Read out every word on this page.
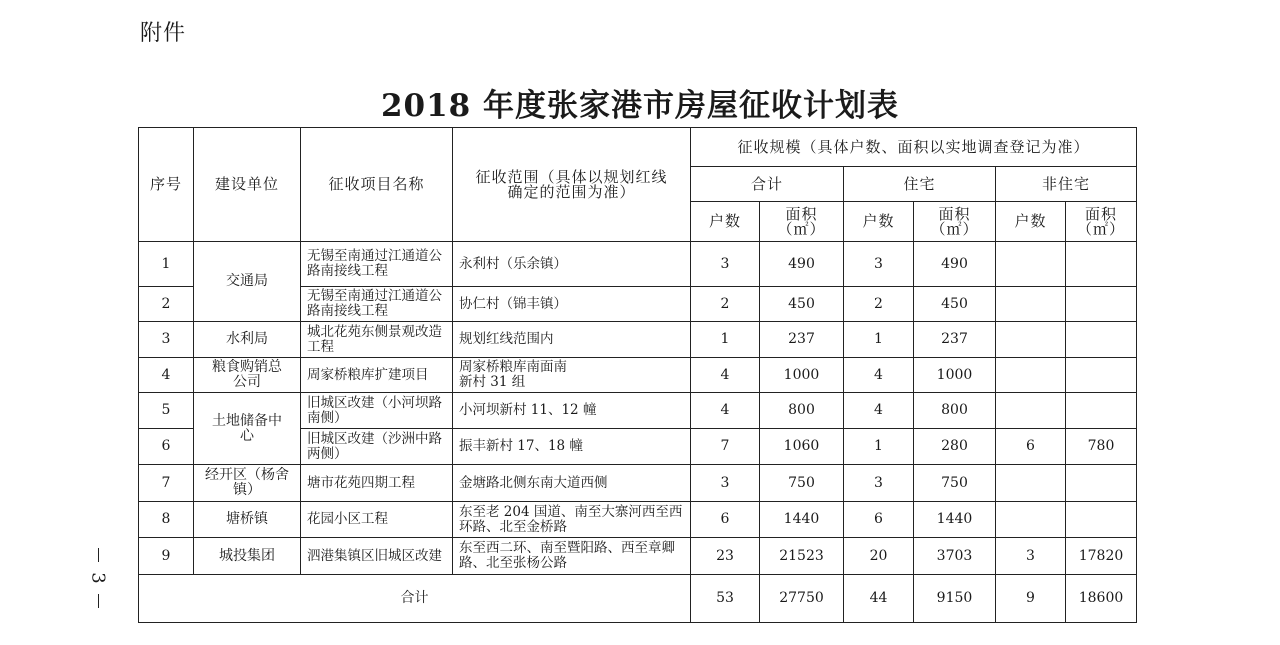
附件
2018 年度张家港市房屋征收计划表
序号	建设单位	征收项目名称	征收范围（具体以规划红线确定的范围为准）	征收规模（具体户数、面积以实地调查登记为准）					
				合计		住宅		非住宅	
				户数	面积（㎡）	户数	面积（㎡）	户数	面积（㎡）
1	交通局	无锡至南通过江通道公路南接线工程	永利村（乐余镇）	3	490	3	490		
2		无锡至南通过江通道公路南接线工程	协仁村（锦丰镇）	2	450	2	450		
3	水利局	城北花苑东侧景观改造工程	规划红线范围内	1	237	1	237		
4	粮食购销总公司	周家桥粮库扩建项目	周家桥粮库南面南新村 31 组	4	1000	4	1000		
5	土地储备中心	旧城区改建（小河坝路南侧）	小河坝新村 11、12 幢	4	800	4	800		
6		旧城区改建（沙洲中路两侧）	振丰新村 17、18 幢	7	1060	1	280	6	780
7	经开区（杨舍镇）	塘市花苑四期工程	金塘路北侧东南大道西侧	3	750	3	750		
8	塘桥镇	花园小区工程	东至老 204 国道、南至大寨河西至西环路、北至金桥路	6	1440	6	1440		
9	城投集团	泗港集镇区旧城区改建	东至西二环、南至暨阳路、西至章卿路、北至张杨公路	23	21523	20	3703	3	17820
合计				53	27750	44	9150	9	18600
3
